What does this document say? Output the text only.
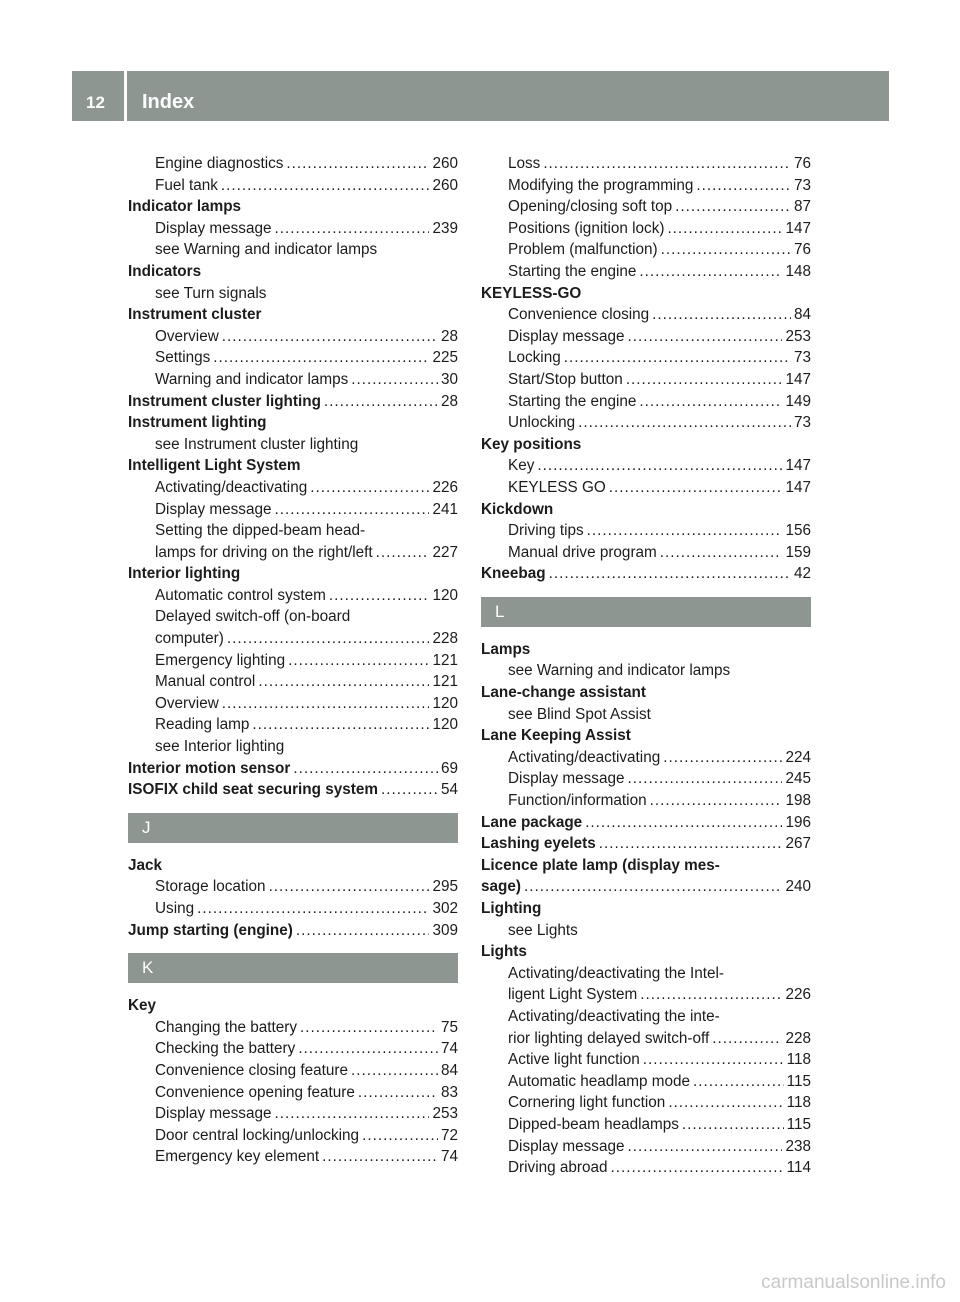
12 Index
Engine diagnostics .....	260
Fuel tank .....	260
Indicator lamps
Display message .....	239
see Warning and indicator lamps
Indicators
see Turn signals
Instrument cluster
Overview .....	28
Settings .....	225
Warning and indicator lamps .....	30
Instrument cluster lighting .....	28
Instrument lighting
see Instrument cluster lighting
Intelligent Light System
Activating/deactivating .....	226
Display message .....	241
Setting the dipped-beam head-
lamps for driving on the right/left .....	227
Interior lighting
Automatic control system .....	120
Delayed switch-off (on-board
computer) .....	228
Emergency lighting .....	121
Manual control .....	121
Overview .....	120
Reading lamp .....	120
see Interior lighting
Interior motion sensor .....	69
ISOFIX child seat securing system .....	54
J
Jack
Storage location .....	295
Using .....	302
Jump starting (engine) .....	309
K
Key
Changing the battery .....	75
Checking the battery .....	74
Convenience closing feature .....	84
Convenience opening feature .....	83
Display message .....	253
Door central locking/unlocking .....	72
Emergency key element .....	74
Loss .....	76
Modifying the programming .....	73
Opening/closing soft top .....	87
Positions (ignition lock) .....	147
Problem (malfunction) .....	76
Starting the engine .....	148
KEYLESS-GO
Convenience closing .....	84
Display message .....	253
Locking .....	73
Start/Stop button .....	147
Starting the engine .....	149
Unlocking .....	73
Key positions
Key .....	147
KEYLESS GO .....	147
Kickdown
Driving tips .....	156
Manual drive program .....	159
Kneebag .....	42
L
Lamps
see Warning and indicator lamps
Lane-change assistant
see Blind Spot Assist
Lane Keeping Assist
Activating/deactivating .....	224
Display message .....	245
Function/information .....	198
Lane package .....	196
Lashing eyelets .....	267
Licence plate lamp (display mes-
sage) .....	240
Lighting
see Lights
Lights
Activating/deactivating the Intel-
ligent Light System .....	226
Activating/deactivating the inte-
rior lighting delayed switch-off .....	228
Active light function .....	118
Automatic headlamp mode .....	115
Cornering light function .....	118
Dipped-beam headlamps .....	115
Display message .....	238
Driving abroad .....	114
carmanualsonline.info
